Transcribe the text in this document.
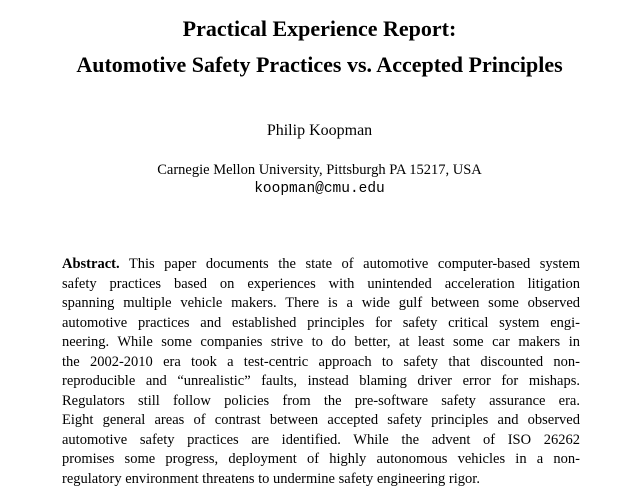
Practical Experience Report:
Automotive Safety Practices vs. Accepted Principles
Philip Koopman
Carnegie Mellon University, Pittsburgh PA 15217, USA
koopman@cmu.edu
Abstract. This paper documents the state of automotive computer-based system
safety practices based on experiences with unintended acceleration litigation
spanning multiple vehicle makers. There is a wide gulf between some observed
automotive practices and established principles for safety critical system engi-
neering. While some companies strive to do better, at least some car makers in
the 2002-2010 era took a test-centric approach to safety that discounted non-
reproducible and “unrealistic” faults, instead blaming driver error for mishaps.
Regulators still follow policies from the pre-software safety assurance era.
Eight general areas of contrast between accepted safety principles and observed
automotive safety practices are identified. While the advent of ISO 26262
promises some progress, deployment of highly autonomous vehicles in a non-
regulatory environment threatens to undermine safety engineering rigor.
